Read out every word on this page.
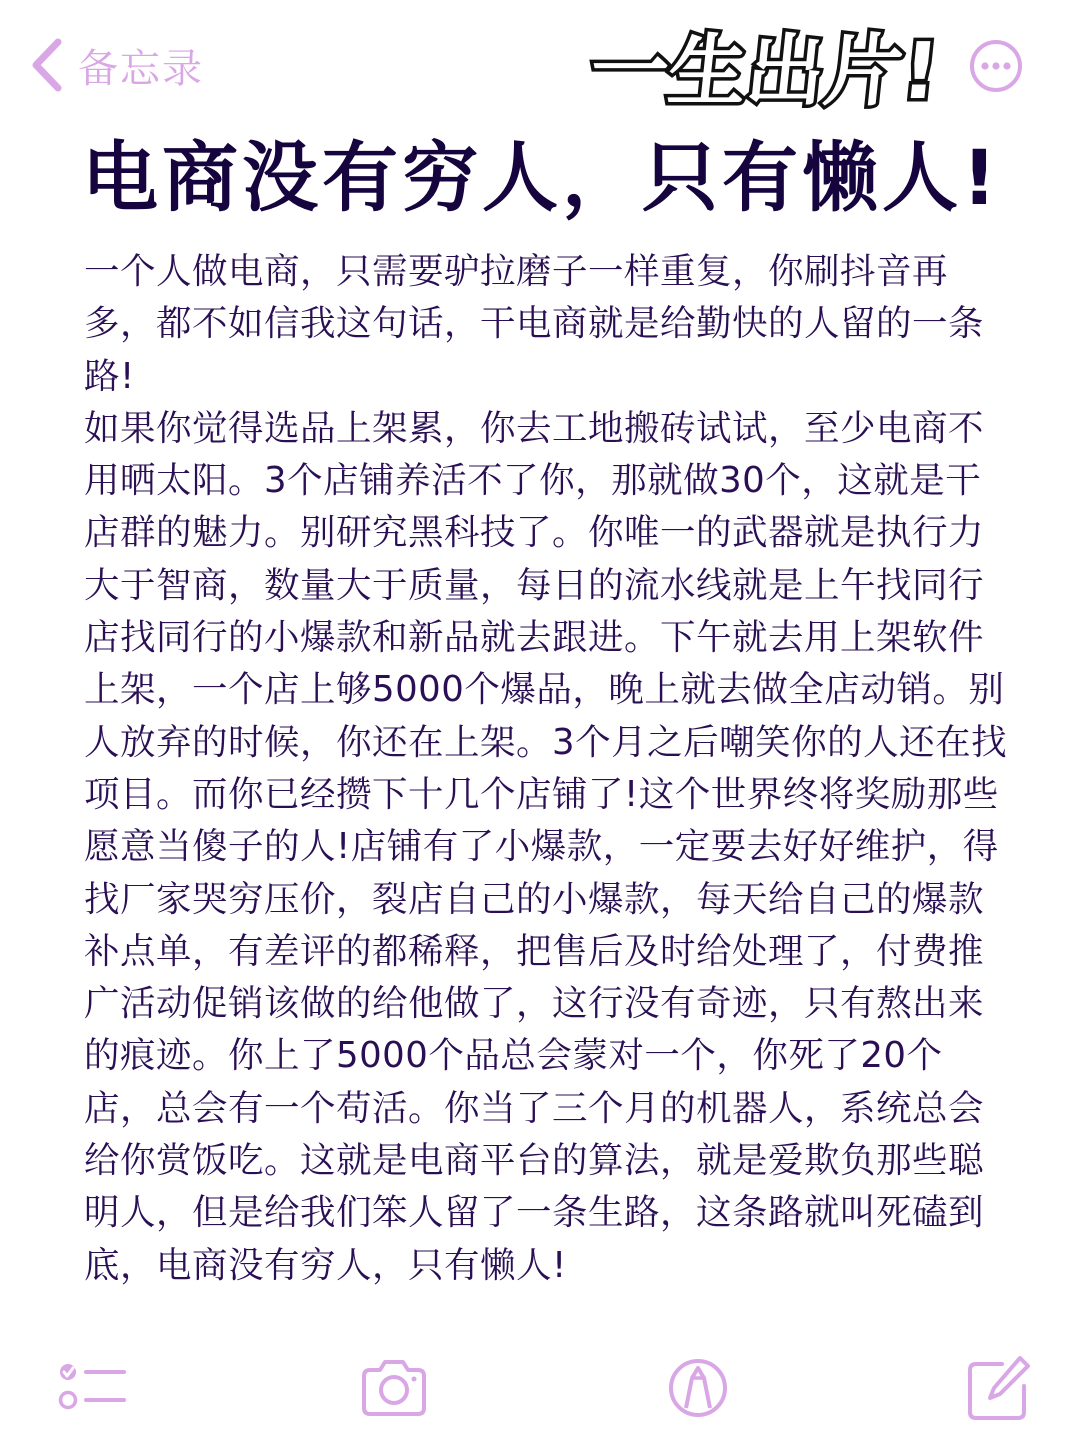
备忘录	一生出片!
电商没有穷人，只有懒人!
一个人做电商，只需要驴拉磨子一样重复，你刷抖音再多，都不如信我这句话，干电商就是给勤快的人留的一条路!
如果你觉得选品上架累，你去工地搬砖试试，至少电商不用晒太阳。3个店铺养活不了你，那就做30个，这就是干店群的魅力。别研究黑科技了。你唯一的武器就是执行力大于智商，数量大于质量，每日的流水线就是上午找同行店找同行的小爆款和新品就去跟进。下午就去用上架软件上架，一个店上够5000个爆品，晚上就去做全店动销。别人放弃的时候，你还在上架。3个月之后嘲笑你的人还在找项目。而你已经攒下十几个店铺了!这个世界终将奖励那些愿意当傻子的人!店铺有了小爆款，一定要去好好维护，得找厂家哭穷压价，裂店自己的小爆款，每天给自己的爆款补点单，有差评的都稀释，把售后及时给处理了，付费推广活动促销该做的给他做了，这行没有奇迹，只有熬出来的痕迹。你上了5000个品总会蒙对一个，你死了20个店，总会有一个苟活。你当了三个月的机器人，系统总会给你赏饭吃。这就是电商平台的算法，就是爱欺负那些聪明人，但是给我们笨人留了一条生路，这条路就叫死磕到底，电商没有穷人，只有懒人!
